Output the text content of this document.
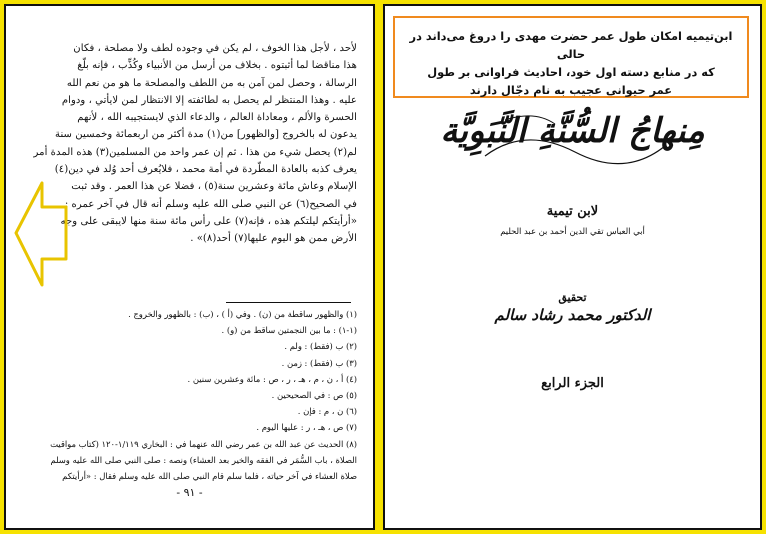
لأحد ، لأجل هذا الخوف ، لم يكن في وجوده لطف ولا مصلحة ، فكان
هذا مناقضا لما أثبتوه . بخلاف من أرسل من الأنبياء وكُذِّب ، فإنه بلَّغ
الرسالة ، وحصل لمن آمن به من اللطف والمصلحة ما هو من نعم الله
عليه . وهذا المنتظر لم يحصل به لطائفته إلا الانتظار لمن لايأتي ، ودوام
الحسرة والألم ، ومعاداة العالم ، والدعاء الذي لايستجيبه الله ، لأنهم
يدعون له بالخروج [والظهور] من(١) مدة أكثر من اربعمائة وخمسين سنة
لم(٢) يحصل شيء من هذا . ثم إن عمر واحد من المسلمين(٣) هذه المدة أمر
يعرف كذبه بالعادة المطّردة في أمة محمد ، فلايُعرف أحد وُلد في دين(٤)
الإسلام وعاش مائة وعشرين سنة(٥) ، فضلا عن هذا العمر . وقد ثبت
في الصحيح(٦) عن النبي صلى الله عليه وسلم أنه قال في آخر عمره :
«أرأيتكم ليلتكم هذه ، فإنه(٧) على رأس مائة سنة منها لايبقى على وجه
الأرض ممن هو اليوم عليها(٧) أحد(٨)» .
(١) والظهور ساقطة من (ن) . وفي (أ ) ، (ب) : بالظهور والخروج .
(١-١) : ما بين النجمتين ساقط من (و) .
(٢) ب (فقط) : ولم .
(٣) ب (فقط) : زمن .
(٤) أ ، ن ، م ، هـ ، ر ، ص : مائة وعشرين سنين .
(٥) ص : في الصحيحين .
(٦) ن ، م : فإن .
(٧) ص ، هـ ، ر : عليها اليوم .
(٨) الحديث عن عبد الله بن عمر رضي الله عنهما في : البخاري ١/١١٩-١٢٠ (كتاب مواقيت
الصلاة ، باب السُّمَر في الفقه والخير بعد العشاء) ونصه : صلى النبي صلى الله عليه وسلم
صلاة العشاء في آخر حياته ، فلما سلم قام النبي صلى الله عليه وسلم فقال : «أرأيتكم
- ٩١ -
ابن‌تیمیه امکان طول عمر حضرت مهدی را دروغ می‌داند در حالی
که در منابع دسته اول خود، احادیث فراوانی بر طول
عمر حیوانی عجیب به نام دجّال دارند
مِنهاجُ السُّنَّةِ النَّبَوِيَّة
لابن تيمية
أبي العباس تقي الدين أحمد بن عبد الحليم
تحقيق
الدكتور محمد رشاد سالم
الجزء الرابع
